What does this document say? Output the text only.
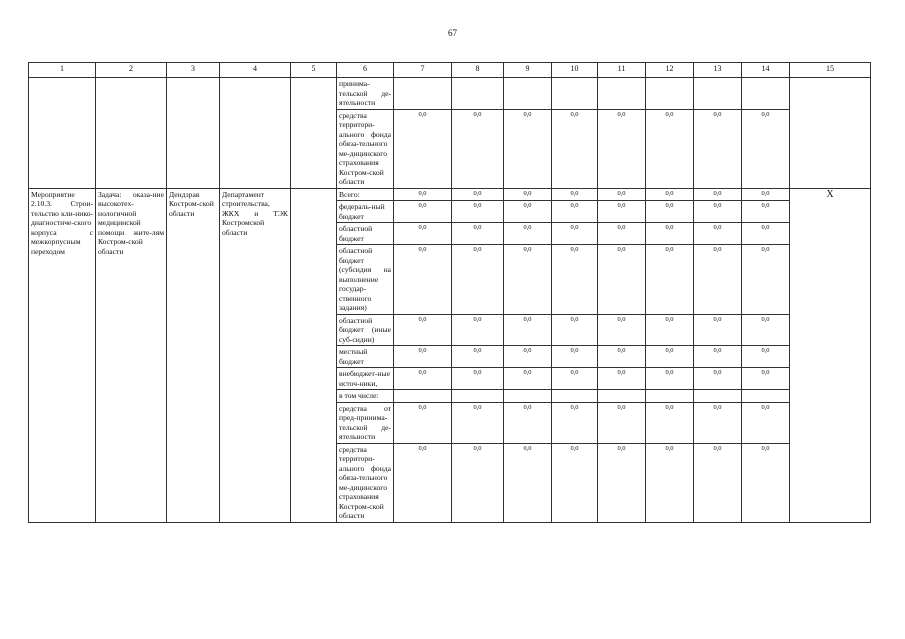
67
1	2	3	4	5	6	7	8	9	10	11	12	13	14	15
					принима-тельской де-ятельности									
					средства территори-ального фонда обяза-тельного ме-дицинского страхования Костром-ской области	0,0	0,0	0,0	0,0	0,0	0,0	0,0	0,0	
Мероприятие 2.10.3. Строи-тельство кли-нико-диагностиче-ского корпуса с межкорпусным переходом	Задача: оказа-ние высокотех-нологичной медицинской помощи жите-лям Костром-ской области	Дендзрав Костром-ской области	Департамент строительства, ЖКХ и ТЭК Костромской области		Всего:	0,0	0,0	0,0	0,0	0,0	0,0	0,0	0,0	X
					федераль-ный бюджет	0,0	0,0	0,0	0,0	0,0	0,0	0,0	0,0	
					областной бюджет	0,0	0,0	0,0	0,0	0,0	0,0	0,0	0,0	
					областной бюджет (субсидия на выполнение государ-ственного задания)	0,0	0,0	0,0	0,0	0,0	0,0	0,0	0,0	
					областной бюджет (иные суб-сидии)	0,0	0,0	0,0	0,0	0,0	0,0	0,0	0,0	
					местный бюджет	0,0	0,0	0,0	0,0	0,0	0,0	0,0	0,0	
					внебюджет-ные источ-ники,	0,0	0,0	0,0	0,0	0,0	0,0	0,0	0,0	
					в том числе:									
					средства от пред-принима-тельской де-ятельности	0,0	0,0	0,0	0,0	0,0	0,0	0,0	0,0	
					средства территори-ального фонда обяза-тельного ме-дицинского страхования Костром-ской области	0,0	0,0	0,0	0,0	0,0	0,0	0,0	0,0	
